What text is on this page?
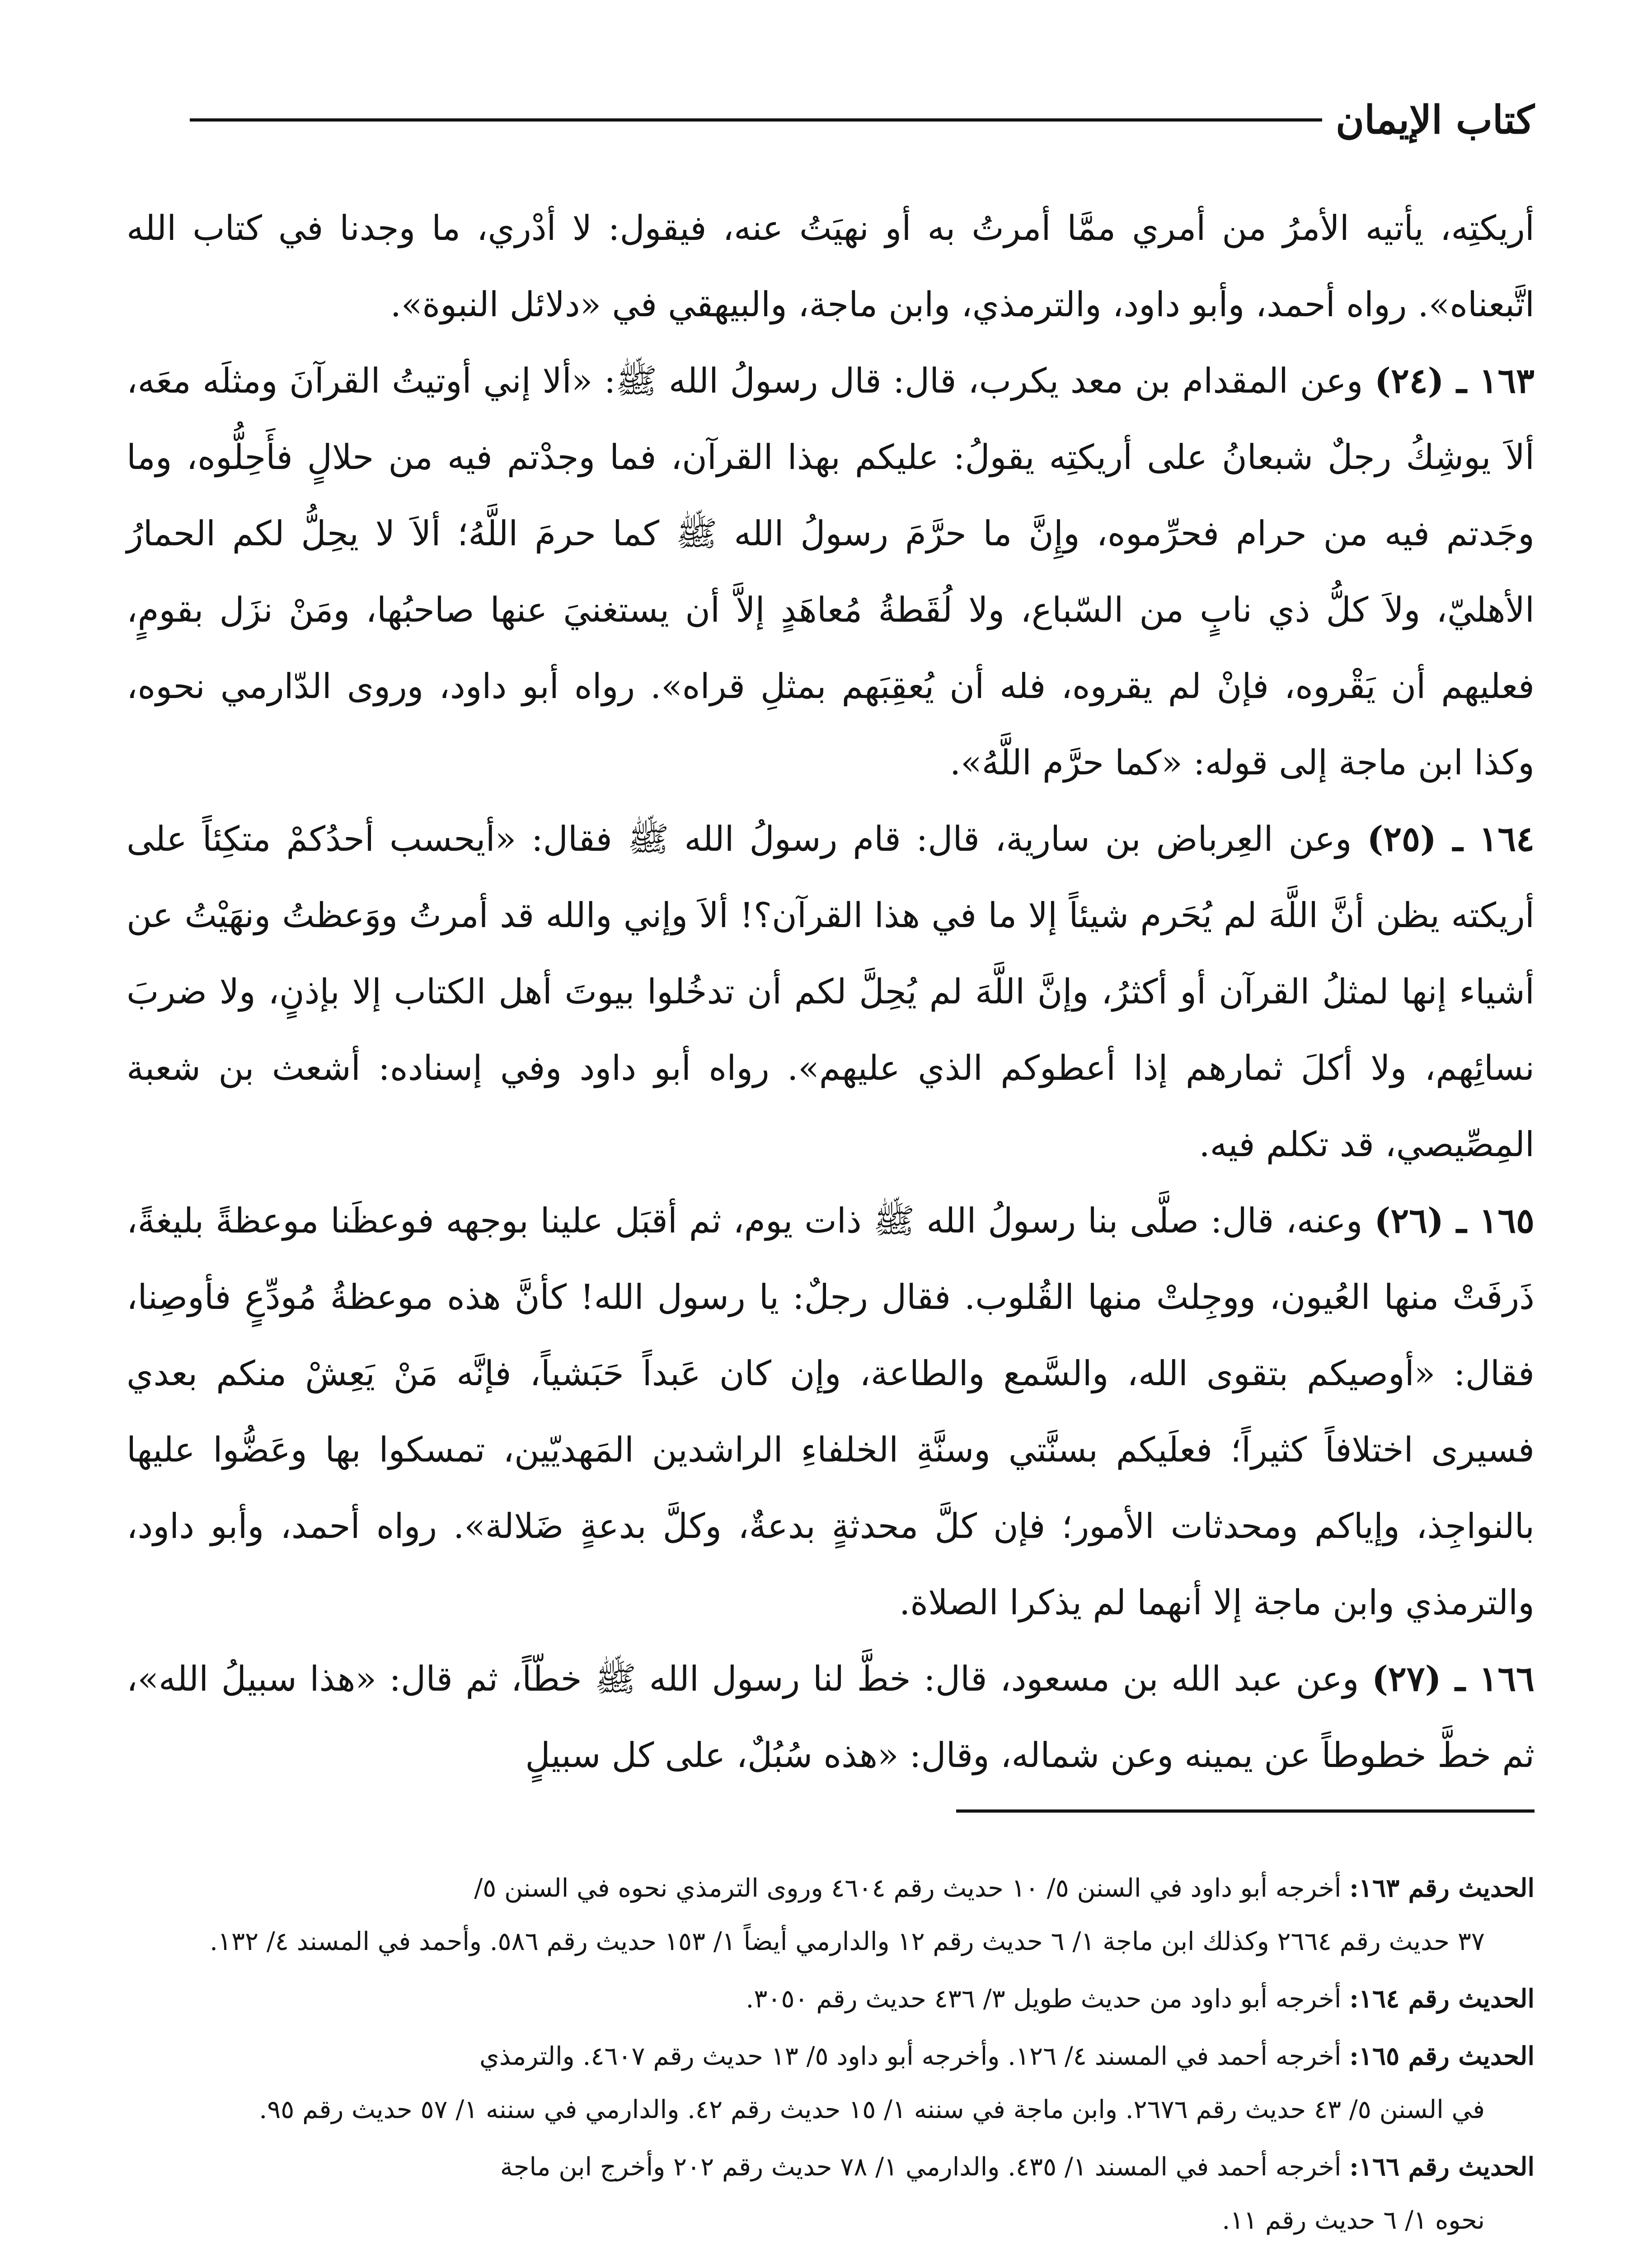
كتاب الإيمان

أريكتِه، يأتيه الأمرُ من أمري ممَّا أمرتُ به أو نهيَتُ عنه، فيقول: لا أدْري، ما وجدنا في كتاب الله اتَّبعناه». رواه أحمد، وأبو داود، والترمذي، وابن ماجة، والبيهقي في «دلائل النبوة».

١٦٣ ـ (٢٤) وعن المقدام بن معد يكرب، قال: قال رسولُ الله ﷺ: «ألا إني أوتيتُ القرآنَ ومثلَه معَه، ألاَ يوشِكُ رجلٌ شبعانُ على أريكتِه يقولُ: عليكم بهذا القرآن، فما وجدْتم فيه من حلالٍ فأَحِلُّوه، وما وجَدتم فيه من حرام فحرِّموه، وإِنَّ ما حرَّمَ رسولُ الله ﷺ كما حرمَ اللَّهُ؛ ألاَ لا يحِلُّ لكم الحمارُ الأهليّ، ولاَ كلُّ ذي نابٍ من السّباع، ولا لُقَطةُ مُعاهَدٍ إلاَّ أن يستغنيَ عنها صاحبُها، ومَنْ نزَل بقومٍ، فعليهم أن يَقْروه، فإنْ لم يقروه، فله أن يُعقِبَهم بمثلِ قراه». رواه أبو داود، وروى الدّارمي نحوه، وكذا ابن ماجة إلى قوله: «كما حرَّم اللَّهُ».

١٦٤ ـ (٢٥) وعن العِرباض بن سارية، قال: قام رسولُ الله ﷺ فقال: «أيحسب أحدُكمْ متكِئاً على أريكته يظن أنَّ اللَّهَ لم يُحَرم شيئاً إلا ما في هذا القرآن؟! ألاَ وإني والله قد أمرتُ ووَعظتُ ونهَيْتُ عن أشياء إنها لمثلُ القرآن أو أكثرُ، وإنَّ اللَّهَ لم يُحِلَّ لكم أن تدخُلوا بيوتَ أهل الكتاب إلا بإذنٍ، ولا ضربَ نسائِهم، ولا أكلَ ثمارهم إذا أعطوكم الذي عليهم». رواه أبو داود وفي إسناده: أشعث بن شعبة المِصِّيصي، قد تكلم فيه.

١٦٥ ـ (٢٦) وعنه، قال: صلَّى بنا رسولُ الله ﷺ ذات يوم، ثم أقبَل علينا بوجهه فوعظَنا موعظةً بليغةً، ذَرفَتْ منها العُيون، ووجِلتْ منها القُلوب. فقال رجلٌ: يا رسول الله! كأنَّ هذه موعظةُ مُودِّعٍ فأوصِنا، فقال: «أوصيكم بتقوى الله، والسَّمع والطاعة، وإن كان عَبداً حَبَشياً، فإنَّه مَنْ يَعِشْ منكم بعدي فسيرى اختلافاً كثيراً؛ فعلَيكم بسنَّتي وسنَّةِ الخلفاءِ الراشدين المَهديّين، تمسكوا بها وعَضُّوا عليها بالنواجِذ، وإياكم ومحدثات الأمور؛ فإن كلَّ محدثةٍ بدعةٌ، وكلَّ بدعةٍ ضَلالة». رواه أحمد، وأبو داود، والترمذي وابن ماجة إلا أنهما لم يذكرا الصلاة.

١٦٦ ـ (٢٧) وعن عبد الله بن مسعود، قال: خطَّ لنا رسول الله ﷺ خطّاً، ثم قال: «هذا سبيلُ الله»، ثم خطَّ خطوطاً عن يمينه وعن شماله، وقال: «هذه سُبُلٌ، على كل سبيلٍ

الحديث رقم ١٦٣: أخرجه أبو داود في السنن ٥/ ١٠ حديث رقم ٤٦٠٤ وروى الترمذي نحوه في السنن ٥/
٣٧ حديث رقم ٢٦٦٤ وكذلك ابن ماجة ١/ ٦ حديث رقم ١٢ والدارمي أيضاً ١/ ١٥٣ حديث رقم ٥٨٦. وأحمد في المسند ٤/ ١٣٢.

الحديث رقم ١٦٤: أخرجه أبو داود من حديث طويل ٣/ ٤٣٦ حديث رقم ٣٠٥٠.

الحديث رقم ١٦٥: أخرجه أحمد في المسند ٤/ ١٢٦. وأخرجه أبو داود ٥/ ١٣ حديث رقم ٤٦٠٧. والترمذي
في السنن ٥/ ٤٣ حديث رقم ٢٦٧٦. وابن ماجة في سننه ١/ ١٥ حديث رقم ٤٢. والدارمي في سننه ١/ ٥٧ حديث رقم ٩٥.

الحديث رقم ١٦٦: أخرجه أحمد في المسند ١/ ٤٣٥. والدارمي ١/ ٧٨ حديث رقم ٢٠٢ وأخرج ابن ماجة
نحوه ١/ ٦ حديث رقم ١١.
